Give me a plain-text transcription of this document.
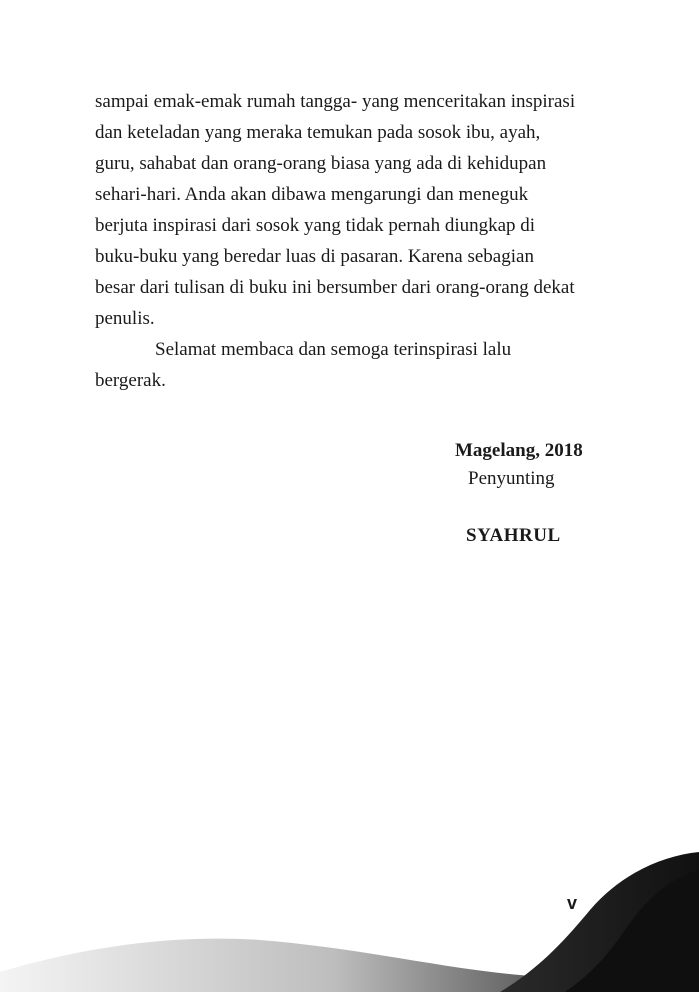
sampai emak-emak rumah tangga- yang menceritakan inspirasi
dan keteladan yang meraka temukan pada sosok ibu, ayah,
guru, sahabat dan orang-orang biasa yang ada di kehidupan
sehari-hari. Anda akan dibawa mengarungi dan meneguk
berjuta inspirasi dari sosok yang tidak pernah diungkap di
buku-buku yang beredar luas di pasaran. Karena sebagian
besar dari tulisan di buku ini bersumber dari orang-orang dekat
penulis.
Selamat membaca dan semoga terinspirasi lalu
bergerak.
Magelang, 2018
Penyunting
SYAHRUL
v
